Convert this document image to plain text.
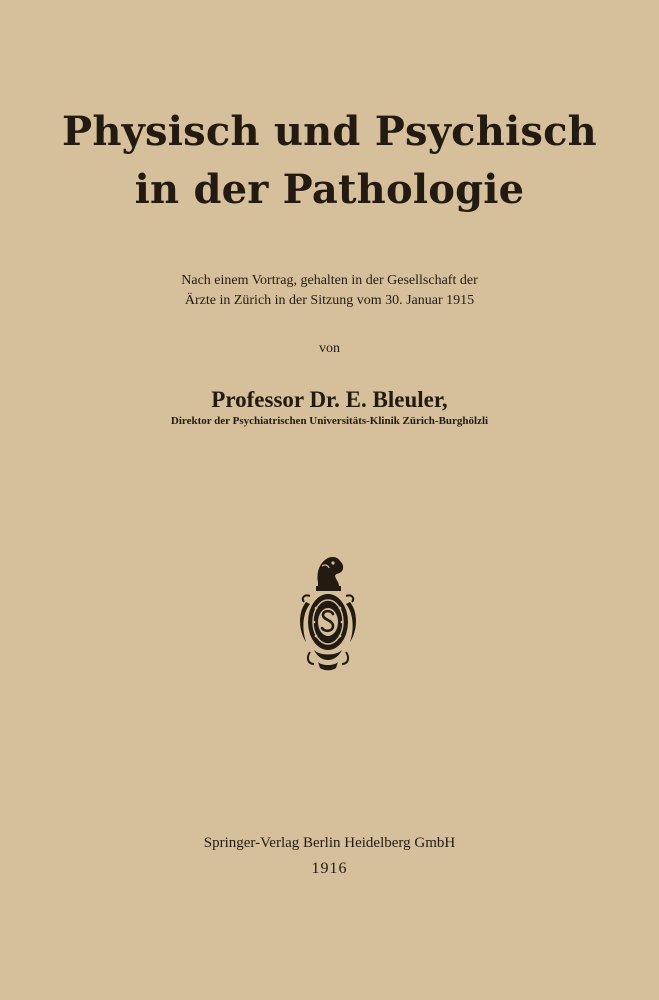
Physisch und Psychisch
in der Pathologie
Nach einem Vortrag, gehalten in der Gesellschaft der
Ärzte in Zürich in der Sitzung vom 30. Januar 1915
von
Professor Dr. E. Bleuler,
Direktor der Psychiatrischen Universitäts-Klinik Zürich-Burghölzli
Springer-Verlag Berlin Heidelberg GmbH
1916
